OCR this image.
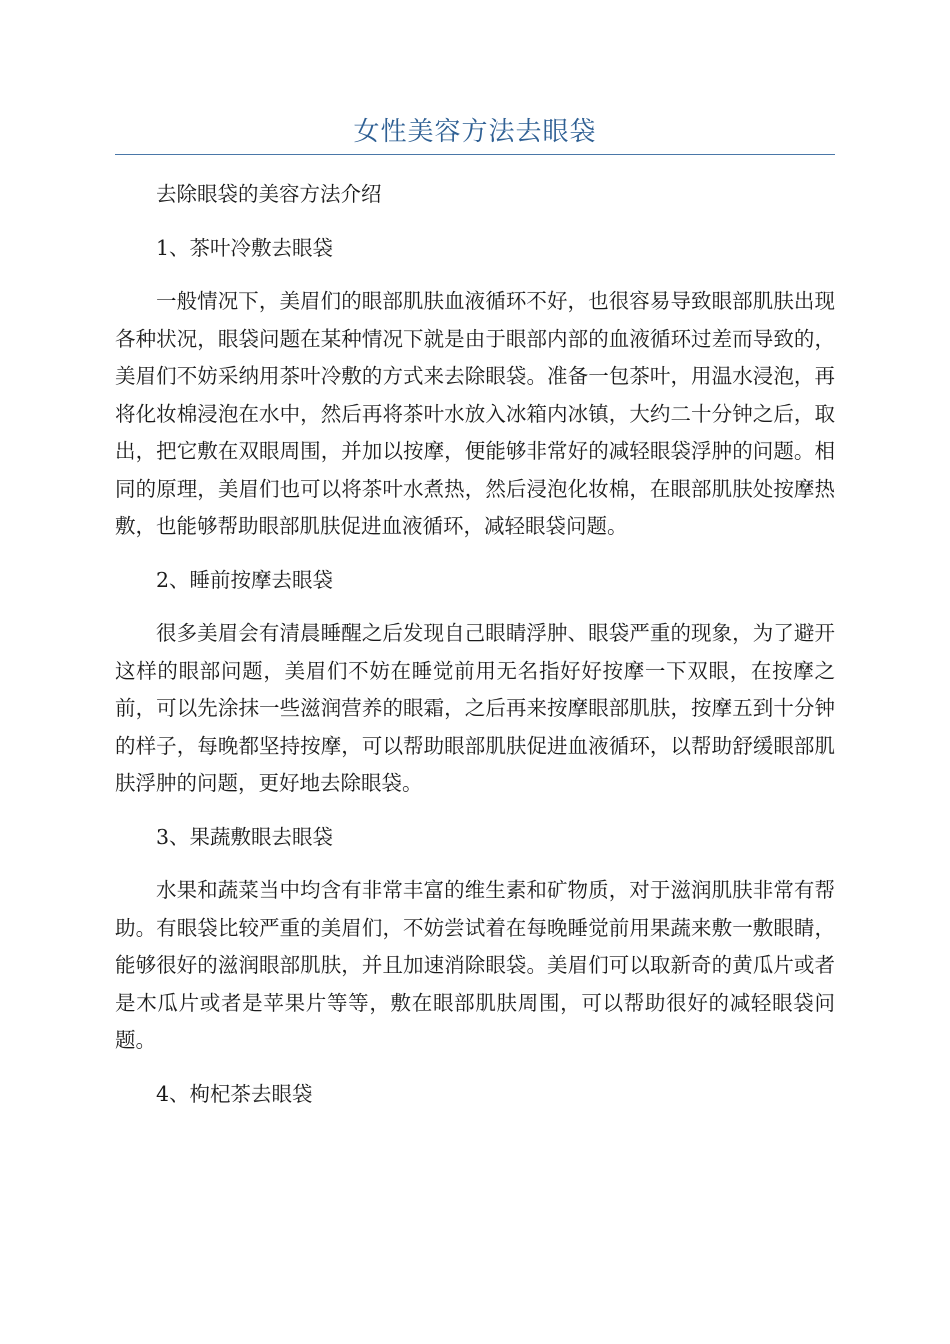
女性美容方法去眼袋

去除眼袋的美容方法介绍

1、茶叶冷敷去眼袋

一般情况下，美眉们的眼部肌肤血液循环不好，也很容易导致眼部肌肤出现各种状况，眼袋问题在某种情况下就是由于眼部内部的血液循环过差而导致的，美眉们不妨采纳用茶叶冷敷的方式来去除眼袋。准备一包茶叶，用温水浸泡，再将化妆棉浸泡在水中，然后再将茶叶水放入冰箱内冰镇，大约二十分钟之后，取出，把它敷在双眼周围，并加以按摩，便能够非常好的减轻眼袋浮肿的问题。相同的原理，美眉们也可以将茶叶水煮热，然后浸泡化妆棉，在眼部肌肤处按摩热敷，也能够帮助眼部肌肤促进血液循环，减轻眼袋问题。

2、睡前按摩去眼袋

很多美眉会有清晨睡醒之后发现自己眼睛浮肿、眼袋严重的现象，为了避开这样的眼部问题，美眉们不妨在睡觉前用无名指好好按摩一下双眼，在按摩之前，可以先涂抹一些滋润营养的眼霜，之后再来按摩眼部肌肤，按摩五到十分钟的样子，每晚都坚持按摩，可以帮助眼部肌肤促进血液循环，以帮助舒缓眼部肌肤浮肿的问题，更好地去除眼袋。

3、果蔬敷眼去眼袋

水果和蔬菜当中均含有非常丰富的维生素和矿物质，对于滋润肌肤非常有帮助。有眼袋比较严重的美眉们，不妨尝试着在每晚睡觉前用果蔬来敷一敷眼睛，能够很好的滋润眼部肌肤，并且加速消除眼袋。美眉们可以取新奇的黄瓜片或者是木瓜片或者是苹果片等等，敷在眼部肌肤周围，可以帮助很好的减轻眼袋问题。

4、枸杞茶去眼袋
